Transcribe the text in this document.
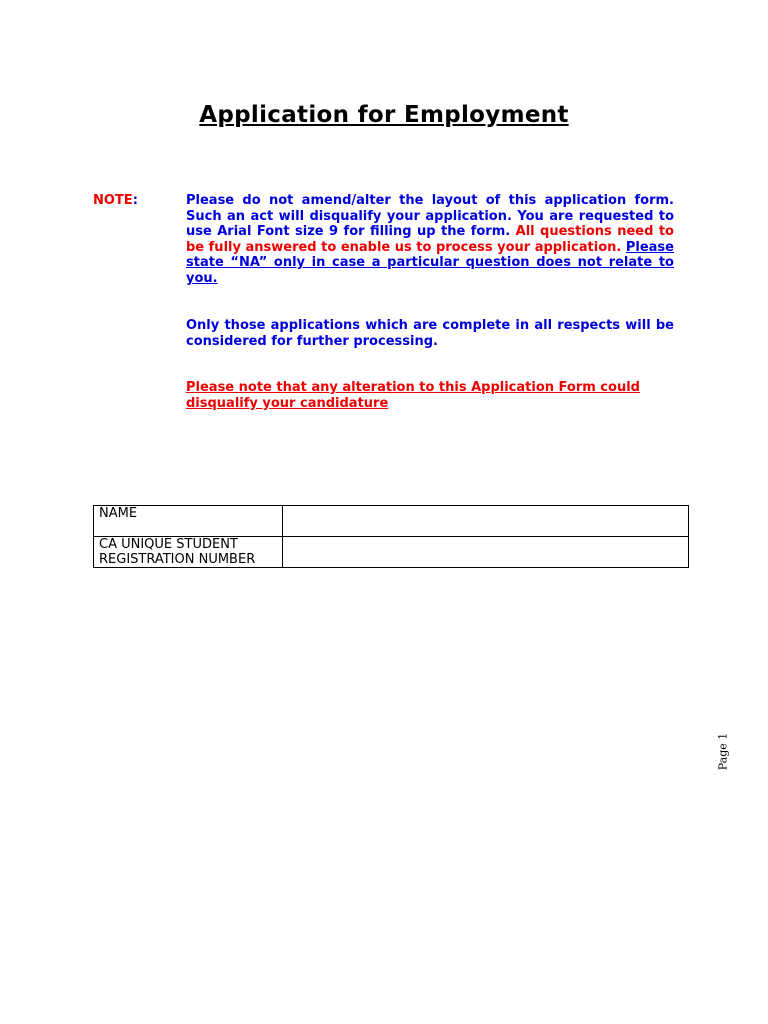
Application for Employment
NOTE:	Please do not amend/alter the layout of this application form. Such an act will disqualify your application. You are requested to use Arial Font size 9 for filling up the form. All questions need to be fully answered to enable us to process your application. Please state “NA” only in case a particular question does not relate to you.

Only those applications which are complete in all respects will be considered for further processing.

Please note that any alteration to this Application Form could disqualify your candidature

NAME	
CA UNIQUE STUDENT REGISTRATION NUMBER	
Page 1
